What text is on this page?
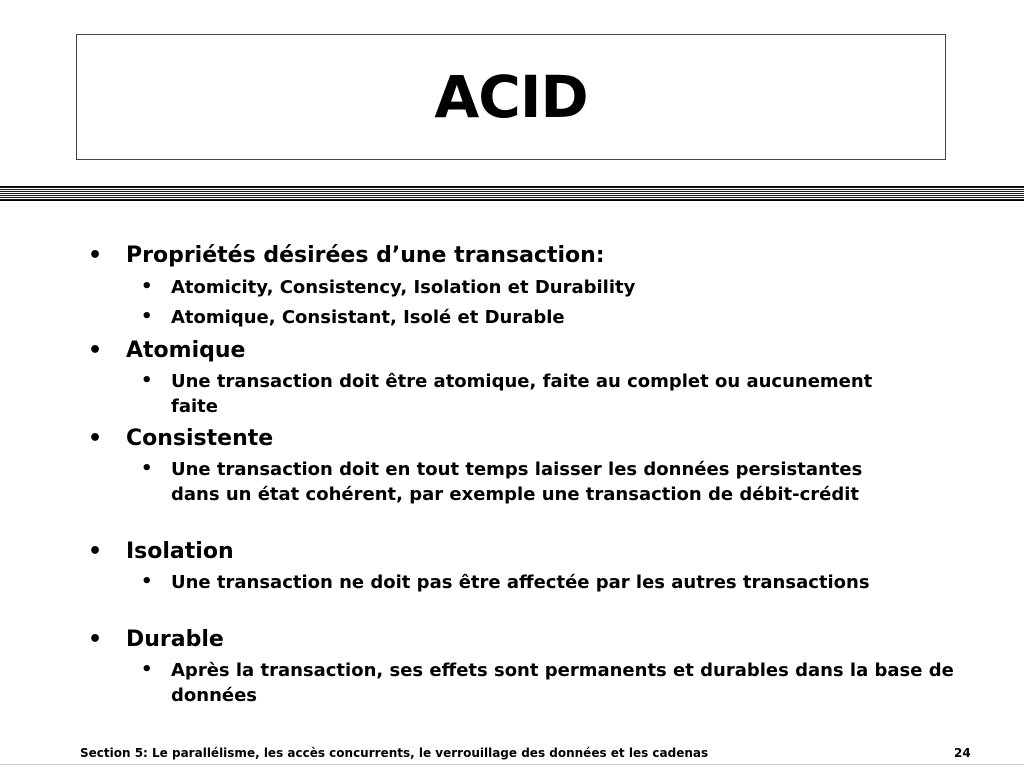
ACID
• Propriétés désirées d’une transaction:
• Atomicity, Consistency, Isolation et Durability
• Atomique, Consistant, Isolé et Durable
• Atomique
• Une transaction doit être atomique, faite au complet ou aucunement faite
• Consistente
• Une transaction doit en tout temps laisser les données persistantes dans un état cohérent, par exemple une transaction de débit-crédit
• Isolation
• Une transaction ne doit pas être affectée par les autres transactions
• Durable
• Après la transaction, ses effets sont permanents et durables dans la base de données
Section 5: Le parallélisme, les accès concurrents, le verrouillage des données et les cadenas	24
